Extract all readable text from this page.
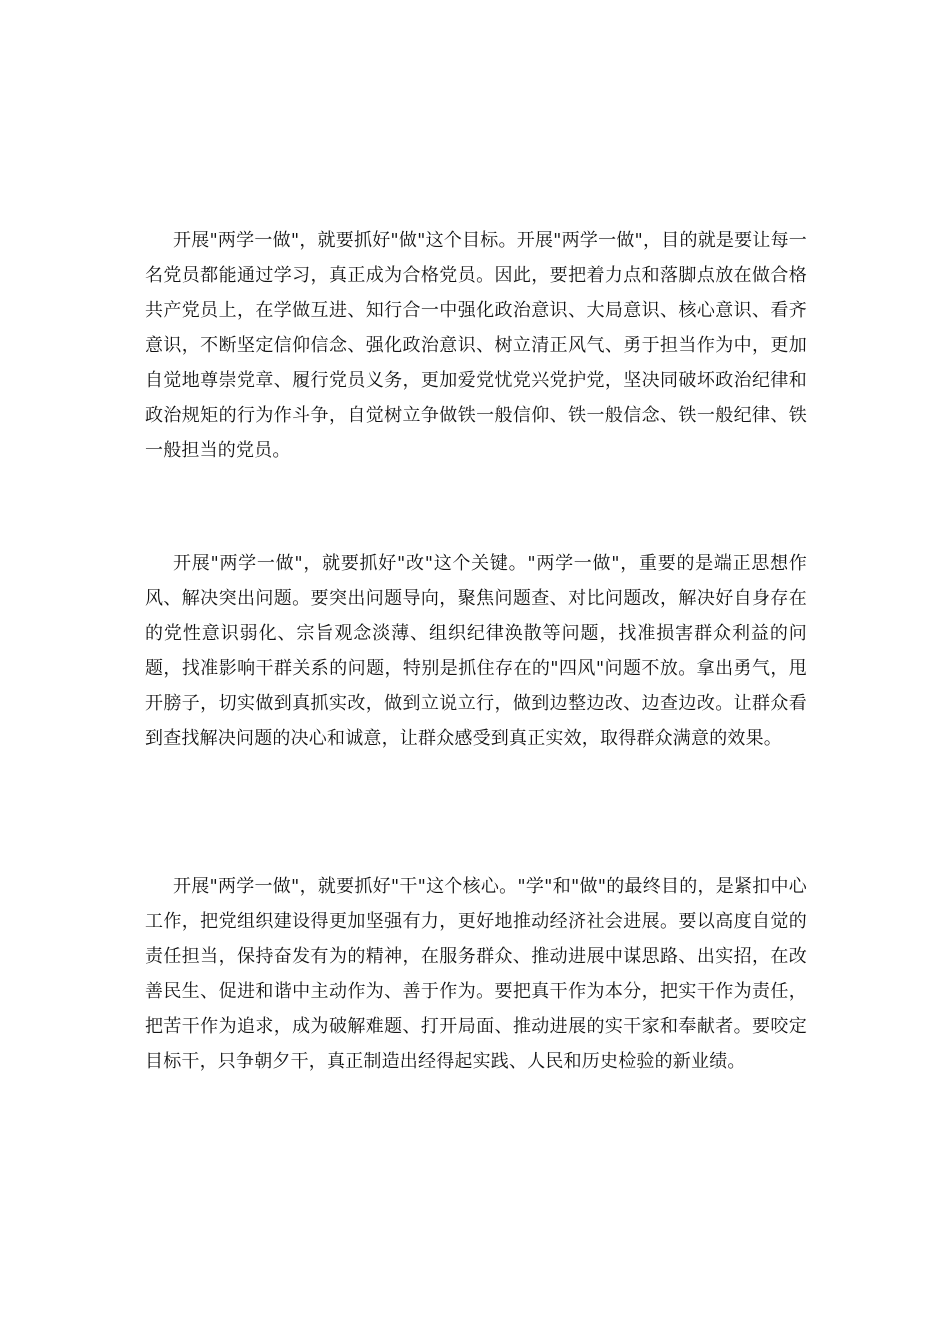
开展"两学一做"，就要抓好"做"这个目标。开展"两学一做"，目的就是要让每一名党员都能通过学习，真正成为合格党员。因此，要把着力点和落脚点放在做合格共产党员上，在学做互进、知行合一中强化政治意识、大局意识、核心意识、看齐意识，不断坚定信仰信念、强化政治意识、树立清正风气、勇于担当作为中，更加自觉地尊崇党章、履行党员义务，更加爱党忧党兴党护党，坚决同破坏政治纪律和政治规矩的行为作斗争，自觉树立争做铁一般信仰、铁一般信念、铁一般纪律、铁一般担当的党员。

开展"两学一做"，就要抓好"改"这个关键。"两学一做"，重要的是端正思想作风、解决突出问题。要突出问题导向，聚焦问题查、对比问题改，解决好自身存在的党性意识弱化、宗旨观念淡薄、组织纪律涣散等问题，找准损害群众利益的问题，找准影响干群关系的问题，特别是抓住存在的"四风"问题不放。拿出勇气，甩开膀子，切实做到真抓实改，做到立说立行，做到边整边改、边查边改。让群众看到查找解决问题的决心和诚意，让群众感受到真正实效，取得群众满意的效果。

开展"两学一做"，就要抓好"干"这个核心。"学"和"做"的最终目的，是紧扣中心工作，把党组织建设得更加坚强有力，更好地推动经济社会进展。要以高度自觉的责任担当，保持奋发有为的精神，在服务群众、推动进展中谋思路、出实招，在改善民生、促进和谐中主动作为、善于作为。要把真干作为本分，把实干作为责任，把苦干作为追求，成为破解难题、打开局面、推动进展的实干家和奉献者。要咬定目标干，只争朝夕干，真正制造出经得起实践、人民和历史检验的新业绩。
